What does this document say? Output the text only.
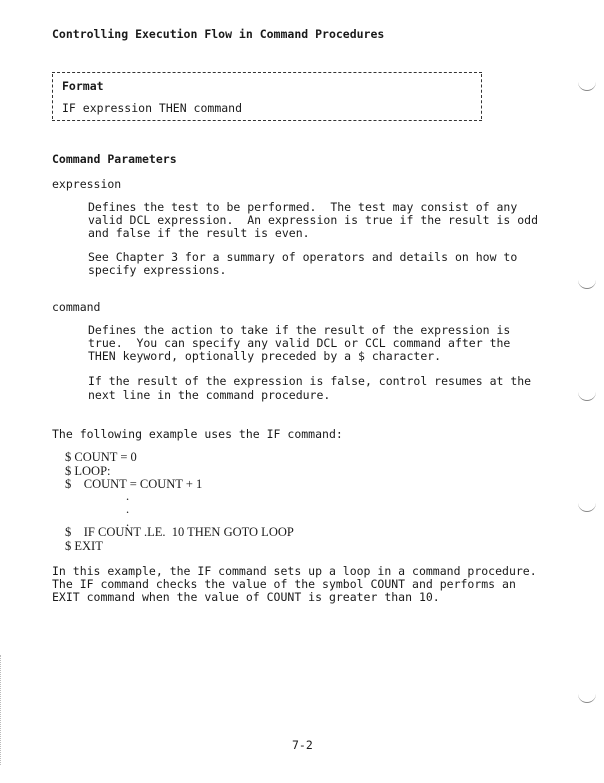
Controlling Execution Flow in Command Procedures
Format
IF expression THEN command
Command Parameters
expression
Defines the test to be performed.  The test may consist of any
valid DCL expression.  An expression is true if the result is odd
and false if the result is even.
See Chapter 3 for a summary of operators and details on how to
specify expressions.
command
Defines the action to take if the result of the expression is
true.  You can specify any valid DCL or CCL command after the
THEN keyword, optionally preceded by a $ character.
If the result of the expression is false, control resumes at the
next line in the command procedure.
The following example uses the IF command:
$ COUNT = 0
$ LOOP:
$    COUNT = COUNT + 1
.
.
.
$    IF COUNT .LE.  10 THEN GOTO LOOP
$ EXIT
In this example, the IF command sets up a loop in a command procedure.
The IF command checks the value of the symbol COUNT and performs an
EXIT command when the value of COUNT is greater than 10.
7-2
